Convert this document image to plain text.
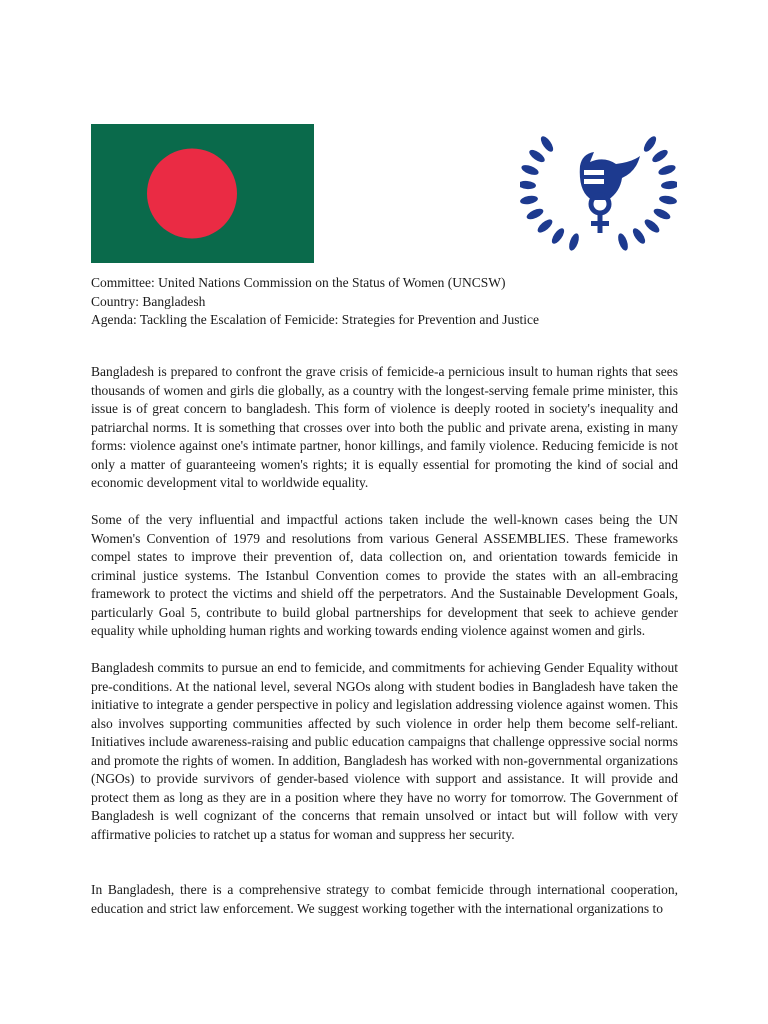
Committee: United Nations Commission on the Status of Women (UNCSW)
Country: Bangladesh
Agenda: Tackling the Escalation of Femicide: Strategies for Prevention and Justice

Bangladesh is prepared to confront the grave crisis of femicide-a pernicious insult to human rights that sees thousands of women and girls die globally, as a country with the longest-serving female prime minister, this issue is of great concern to bangladesh. This form of violence is deeply rooted in society's inequality and patriarchal norms. It is something that crosses over into both the public and private arena, existing in many forms: violence against one's intimate partner, honor killings, and family violence. Reducing femicide is not only a matter of guaranteeing women's rights; it is equally essential for promoting the kind of social and economic development vital to worldwide equality.

Some of the very influential and impactful actions taken include the well-known cases being the UN Women's Convention of 1979 and resolutions from various General ASSEMBLIES. These frameworks compel states to improve their prevention of, data collection on, and orientation towards femicide in criminal justice systems. The Istanbul Convention comes to provide the states with an all-embracing framework to protect the victims and shield off the perpetrators. And the Sustainable Development Goals, particularly Goal 5, contribute to build global partnerships for development that seek to achieve gender equality while upholding human rights and working towards ending violence against women and girls.

Bangladesh commits to pursue an end to femicide, and commitments for achieving Gender Equality without pre-conditions. At the national level, several NGOs along with student bodies in Bangladesh have taken the initiative to integrate a gender perspective in policy and legislation addressing violence against women. This also involves supporting communities affected by such violence in order help them become self-reliant. Initiatives include awareness-raising and public education campaigns that challenge oppressive social norms and promote the rights of women. In addition, Bangladesh has worked with non-governmental organizations (NGOs) to provide survivors of gender-based violence with support and assistance. It will provide and protect them as long as they are in a position where they have no worry for tomorrow. The Government of Bangladesh is well cognizant of the concerns that remain unsolved or intact but will follow with very affirmative policies to ratchet up a status for woman and suppress her security.

In Bangladesh, there is a comprehensive strategy to combat femicide through international cooperation, education and strict law enforcement. We suggest working together with the international organizations to
